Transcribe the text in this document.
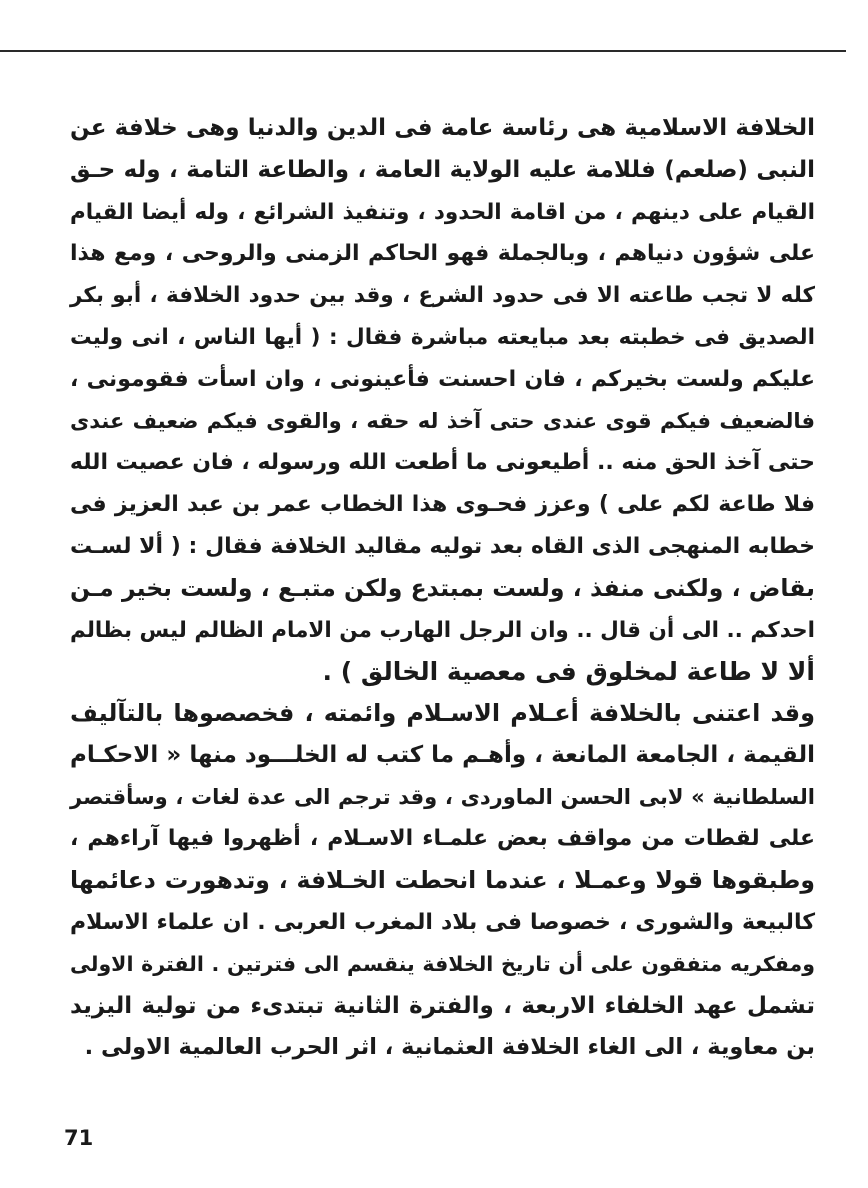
الخلافة الاسلامية هى رئاسة عامة فى الدين والدنيا وهى خلافة عن
النبى (صلعم) فللامة عليه الولاية العامة ، والطاعة التامة ، وله حـق
القيام على دينهم ، من اقامة الحدود ، وتنفيذ الشرائع ، وله أيضا القيام
على شؤون دنياهم ، وبالجملة فهو الحاكم الزمنى والروحى ، ومع هذا
كله لا تجب طاعته الا فى حدود الشرع ، وقد بين حدود الخلافة ، أبو بكر
الصديق فى خطبته بعد مبايعته مباشرة فقال : ( أيها الناس ، انى وليت
عليكم ولست بخيركم ، فان احسنت فأعينونى ، وان اسأت فقومونى ،
فالضعيف فيكم قوى عندى حتى آخذ له حقه ، والقوى فيكم ضعيف عندى
حتى آخذ الحق منه .. أطيعونى ما أطعت الله ورسوله ، فان عصيت الله
فلا طاعة لكم على ) وعزز فحـوى هذا الخطاب عمر بن عبد العزيز فى
خطابه المنهجى الذى القاه بعد توليه مقاليد الخلافة فقال : ( ألا لسـت
بقاض ، ولكنى منفذ ، ولست بمبتدع ولكن متبـع ، ولست بخير مـن
احدكم .. الى أن قال .. وان الرجل الهارب من الامام الظالم ليس بظالم
ألا لا طاعة لمخلوق فى معصية الخالق ) .
وقد اعتنى بالخلافة أعـلام الاسـلام وائمته ، فخصصوها بالتآليف
القيمة ، الجامعة المانعة ، وأهـم ما كتب له الخلـــود منها « الاحكـام
السلطانية » لابى الحسن الماوردى ، وقد ترجم الى عدة لغات ، وسأقتصر
على لقطات من مواقف بعض علمـاء الاسـلام ، أظهروا فيها آراءهم ،
وطبقوها قولا وعمـلا ، عندما انحطت الخـلافة ، وتدهورت دعائمها
كالبيعة والشورى ، خصوصا فى بلاد المغرب العربى . ان علماء الاسلام
ومفكريه متفقون على أن تاريخ الخلافة ينقسم الى فترتين . الفترة الاولى
تشمل عهد الخلفاء الاربعة ، والفترة الثانية تبتدىء من تولية اليزيد
بن معاوية ، الى الغاء الخلافة العثمانية ، اثر الحرب العالمية الاولى .
71
